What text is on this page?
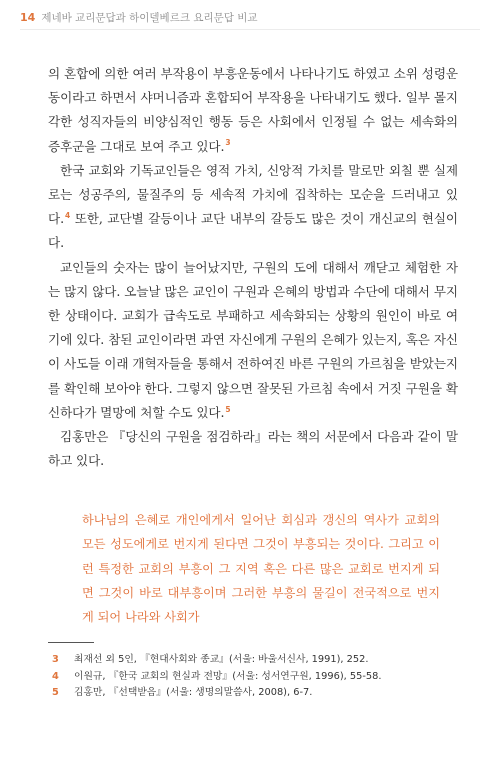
14 제네바 교리문답과 하이델베르크 요리문답 비교

의 혼합에 의한 여러 부작용이 부흥운동에서 나타나기도 하였고 소위 성령운동이라고 하면서 샤머니즘과 혼합되어 부작용을 나타내기도 했다. 일부 몰지각한 성직자들의 비양심적인 행동 등은 사회에서 인정될 수 없는 세속화의 증후군을 그대로 보여 주고 있다.$^3$

한국 교회와 기독교인들은 영적 가치, 신앙적 가치를 말로만 외칠 뿐 실제로는 성공주의, 물질주의 등 세속적 가치에 집착하는 모순을 드러내고 있다.$^4$ 또한, 교단별 갈등이나 교단 내부의 갈등도 많은 것이 개신교의 현실이다.

교인들의 숫자는 많이 늘어났지만, 구원의 도에 대해서 깨닫고 체험한 자는 많지 않다. 오늘날 많은 교인이 구원과 은혜의 방법과 수단에 대해서 무지한 상태이다. 교회가 급속도로 부패하고 세속화되는 상황의 원인이 바로 여기에 있다. 참된 교인이라면 과연 자신에게 구원의 은혜가 있는지, 혹은 자신이 사도들 이래 개혁자들을 통해서 전하여진 바른 구원의 가르침을 받았는지를 확인해 보아야 한다. 그렇지 않으면 잘못된 가르침 속에서 거짓 구원을 확신하다가 멸망에 처할 수도 있다.$^5$

김홍만은 『당신의 구원을 점검하라』라는 책의 서문에서 다음과 같이 말하고 있다.

하나님의 은혜로 개인에게서 일어난 회심과 갱신의 역사가 교회의 모든 성도에게로 번지게 된다면 그것이 부흥되는 것이다. 그리고 이런 특정한 교회의 부흥이 그 지역 혹은 다른 많은 교회로 번지게 되면 그것이 바로 대부흥이며 그러한 부흥의 물길이 전국적으로 번지게 되어 나라와 사회가

3	최재선 외 5인, 『현대사회와 종교』(서울: 바울서신사, 1991), 252.
4	이원규, 『한국 교회의 현실과 전망』(서울: 성서연구원, 1996), 55-58.
5	김홍만, 『선택받음』(서울: 생명의말씀사, 2008), 6-7.
